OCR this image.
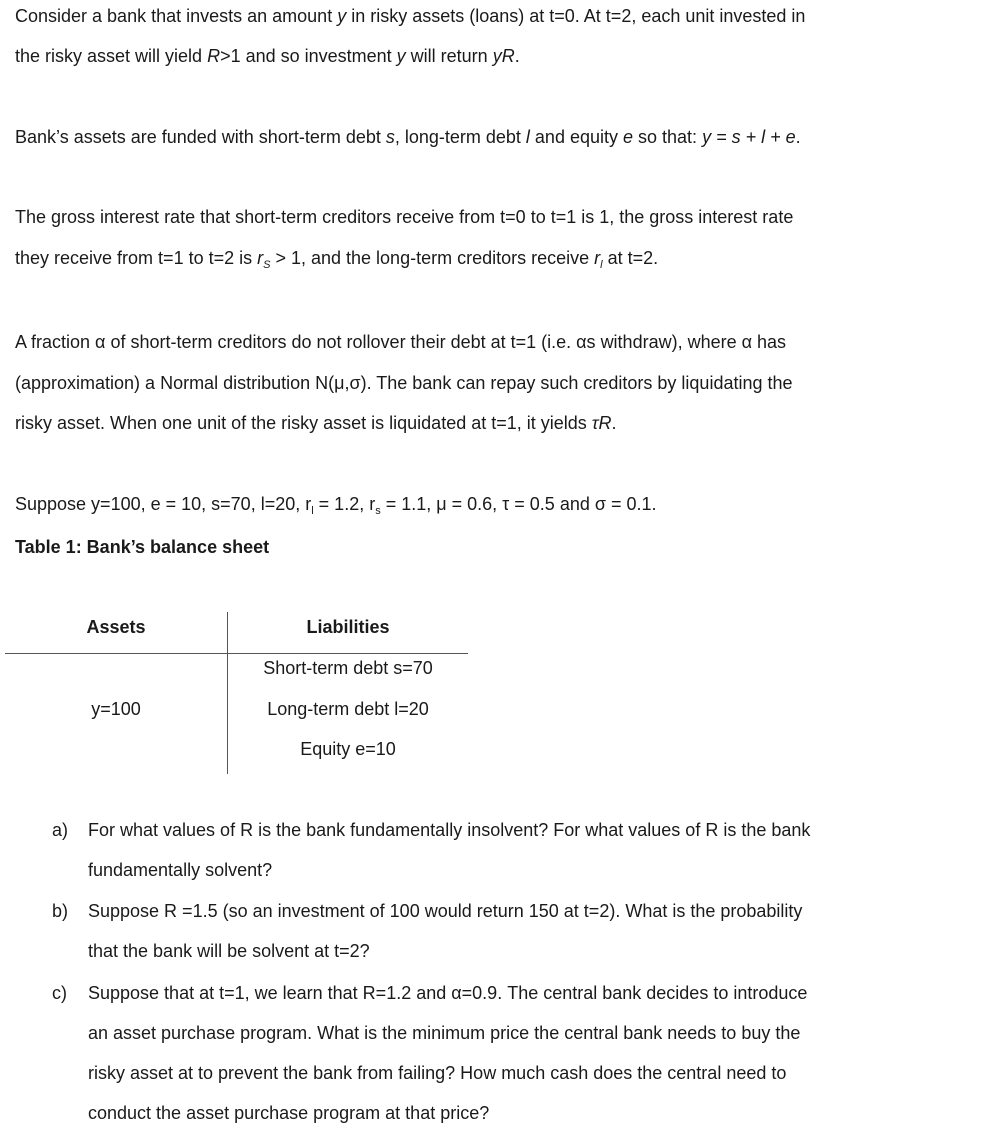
Consider a bank that invests an amount y in risky assets (loans) at t=0. At t=2, each unit invested in
the risky asset will yield R>1 and so investment y will return yR.
Bank’s assets are funded with short-term debt s, long-term debt l and equity e so that: y = s + l + e.
The gross interest rate that short-term creditors receive from t=0 to t=1 is 1, the gross interest rate
they receive from t=1 to t=2 is $r_S > 1$, and the long-term creditors receive $r_l$ at t=2.
A fraction α of short-term creditors do not rollover their debt at t=1 (i.e. αs withdraw), where α has
(approximation) a Normal distribution N(μ,σ). The bank can repay such creditors by liquidating the
risky asset. When one unit of the risky asset is liquidated at t=1, it yields τR.
Suppose y=100, e = 10, s=70, l=20, $r_l = 1.2$, $r_s = 1.1$, μ = 0.6, τ = 0.5 and σ = 0.1.
Table 1: Bank’s balance sheet
Assets	Liabilities
y=100
Short-term debt s=70
Long-term debt l=20
Equity e=10
a) For what values of R is the bank fundamentally insolvent? For what values of R is the bank
fundamentally solvent?
b) Suppose R =1.5 (so an investment of 100 would return 150 at t=2). What is the probability
that the bank will be solvent at t=2?
c) Suppose that at t=1, we learn that R=1.2 and α=0.9. The central bank decides to introduce
an asset purchase program. What is the minimum price the central bank needs to buy the
risky asset at to prevent the bank from failing? How much cash does the central need to
conduct the asset purchase program at that price?
